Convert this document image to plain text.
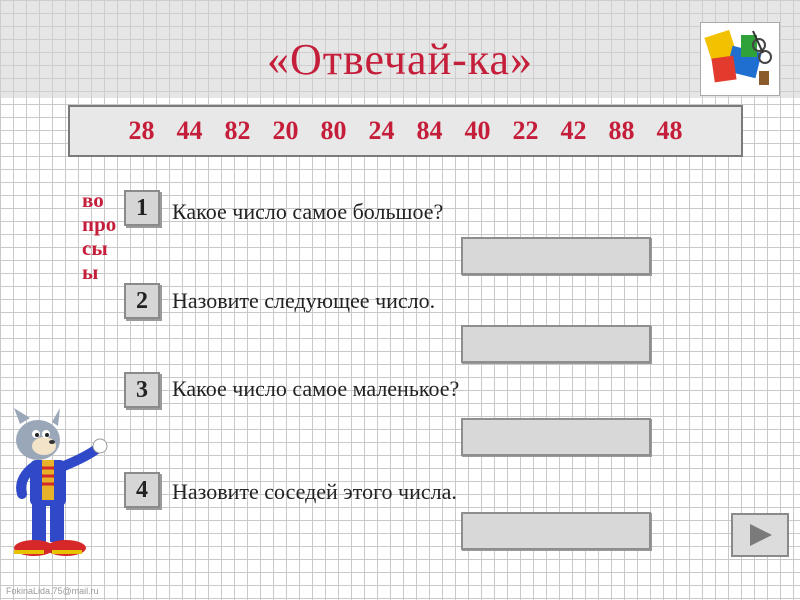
«Отвечай-ка»
28 44 82 20 80 24 84 40 22 42 88 48
во
про
сы
ы
1	Какое число самое большое?
2	Назовите следующее число.
3	Какое число самое маленькое?
4	Назовите соседей этого числа.
FokinaLida.75@mail.ru
